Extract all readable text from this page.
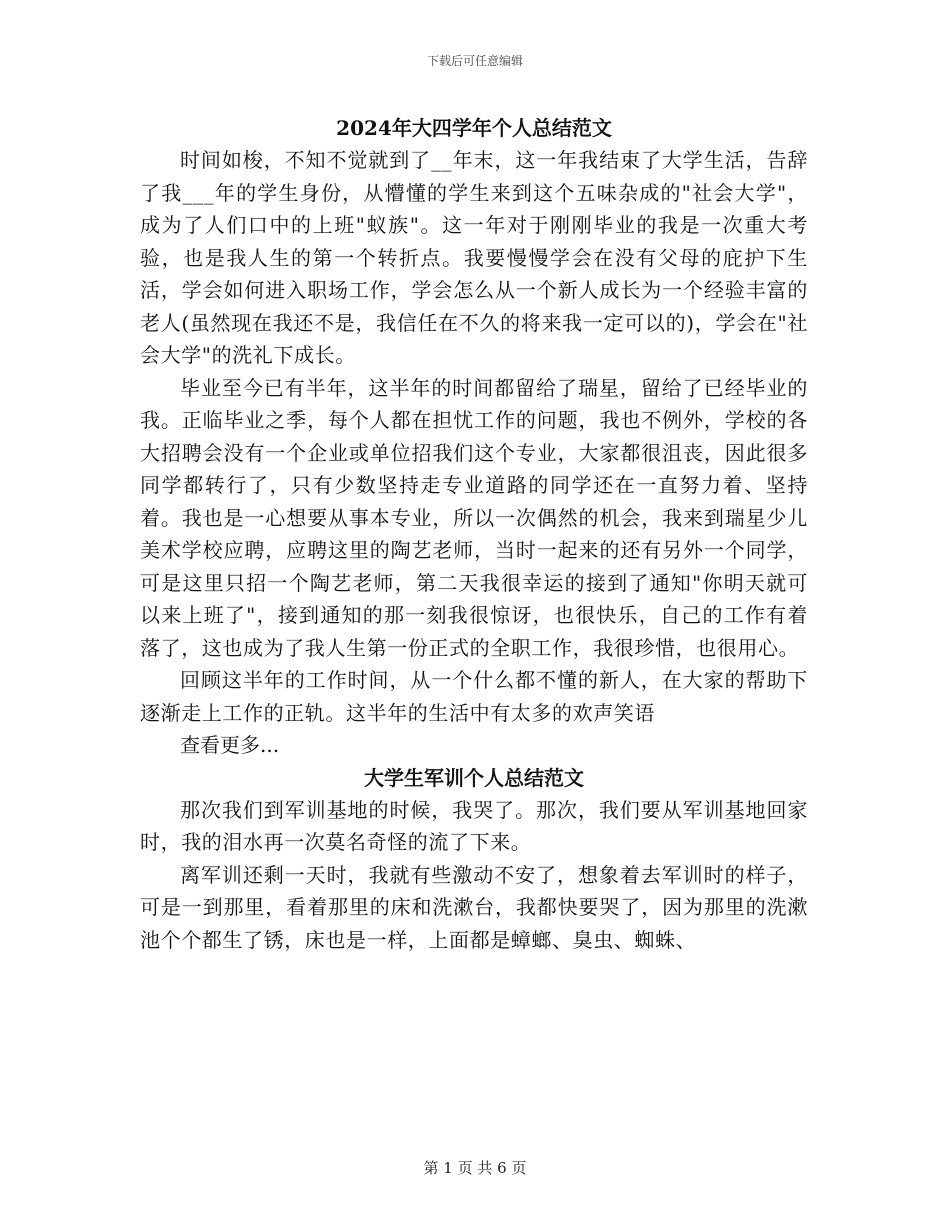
下载后可任意编辑
2024年大四学年个人总结范文

时间如梭，不知不觉就到了__年末，这一年我结束了大学生活，告辞了我___年的学生身份，从懵懂的学生来到这个五味杂成的"社会大学"，成为了人们口中的上班"蚁族"。这一年对于刚刚毕业的我是一次重大考验，也是我人生的第一个转折点。我要慢慢学会在没有父母的庇护下生活，学会如何进入职场工作，学会怎么从一个新人成长为一个经验丰富的老人(虽然现在我还不是，我信任在不久的将来我一定可以的)，学会在"社会大学"的洗礼下成长。

毕业至今已有半年，这半年的时间都留给了瑞星，留给了已经毕业的我。正临毕业之季，每个人都在担忧工作的问题，我也不例外，学校的各大招聘会没有一个企业或单位招我们这个专业，大家都很沮丧，因此很多同学都转行了，只有少数坚持走专业道路的同学还在一直努力着、坚持着。我也是一心想要从事本专业，所以一次偶然的机会，我来到瑞星少儿美术学校应聘，应聘这里的陶艺老师，当时一起来的还有另外一个同学，可是这里只招一个陶艺老师，第二天我很幸运的接到了通知"你明天就可以来上班了"，接到通知的那一刻我很惊讶，也很快乐，自己的工作有着落了，这也成为了我人生第一份正式的全职工作，我很珍惜，也很用心。

回顾这半年的工作时间，从一个什么都不懂的新人，在大家的帮助下逐渐走上工作的正轨。这半年的生活中有太多的欢声笑语

查看更多...

大学生军训个人总结范文

那次我们到军训基地的时候，我哭了。那次，我们要从军训基地回家时，我的泪水再一次莫名奇怪的流了下来。

离军训还剩一天时，我就有些激动不安了，想象着去军训时的样子，可是一到那里，看着那里的床和洗漱台，我都快要哭了，因为那里的洗漱池个个都生了锈，床也是一样，上面都是蟑螂、臭虫、蜘蛛、

第 1 页 共 6 页
